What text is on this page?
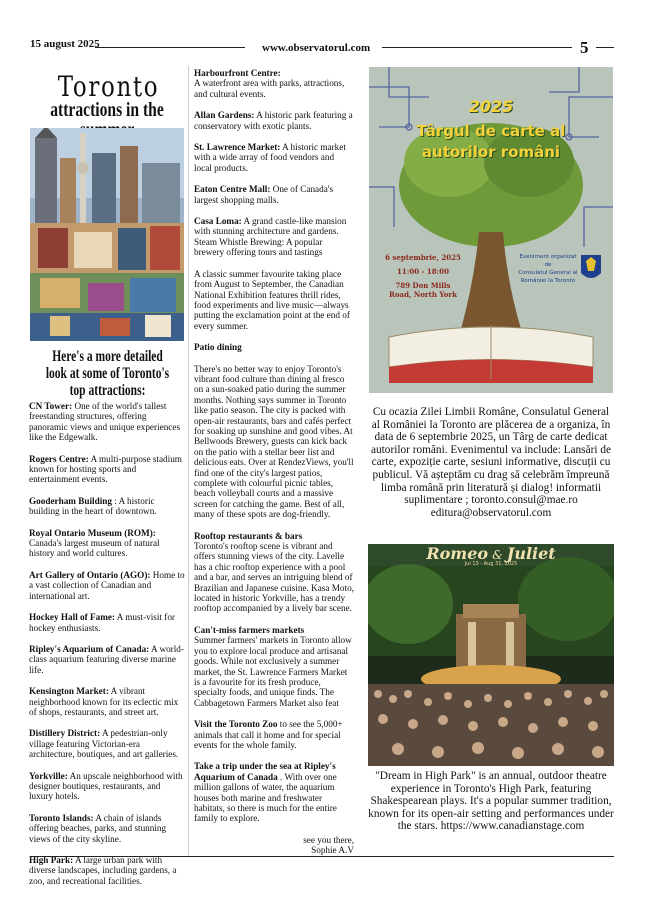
15 august 2025	www.observatorul.com	5
Toronto
attractions in the
Here's a more detailed look at some of Toronto's top attractions:

CN Tower: One of the world's tallest freestanding structures, offering panoramic views and unique experiences like the Edgewalk.

Rogers Centre: A multi-purpose stadium known for hosting sports and entertainment events.

Gooderham Building : A historic building in the heart of downtown.

Royal Ontario Museum (ROM): Canada's largest museum of natural history and world cultures.

Art Gallery of Ontario (AGO): Home to a vast collection of Canadian and international art.

Hockey Hall of Fame: A must-visit for hockey enthusiasts.

Ripley's Aquarium of Canada: A world-class aquarium featuring diverse marine life.

Kensington Market: A vibrant neighborhood known for its eclectic mix of shops, restaurants, and street art.

Distillery District: A pedestrian-only village featuring Victorian-era architecture, boutiques, and art galleries.

Yorkville: An upscale neighborhood with designer boutiques, restaurants, and luxury hotels.

Toronto Islands: A chain of islands offering beaches, parks, and stunning views of the city skyline.

High Park: A large urban park with diverse landscapes, including gardens, a zoo, and recreational facilities.

Harbourfront Centre:
A waterfront area with parks, attractions, and cultural events.

Allan Gardens: A historic park featuring a conservatory with exotic plants.

St. Lawrence Market: A historic market with a wide array of food vendors and local products.

Eaton Centre Mall: One of Canada's largest shopping malls.

Casa Loma: A grand castle-like mansion with stunning architecture and gardens. Steam Whistle Brewing: A popular brewery offering tours and tastings

A classic summer favourite taking place from August to September, the Canadian National Exhibition features thrill rides, food experiments and live music—always putting the exclamation point at the end of every summer.

Patio dining

There's no better way to enjoy Toronto's vibrant food culture than dining al fresco on a sun-soaked patio during the summer months. Nothing says summer in Toronto like patio season. The city is packed with open-air restaurants, bars and cafés perfect for soaking up sunshine and good vibes. At Bellwoods Brewery, guests can kick back on the patio with a stellar beer list and delicious eats. Over at RendezViews, you'll find one of the city's largest patios, complete with colourful picnic tables, beach volleyball courts and a massive screen for catching the game. Best of all, many of these spots are dog-friendly.

Rooftop restaurants & bars

Toronto's rooftop scene is vibrant and offers stunning views of the city. Lavelle has a chic rooftop experience with a pool and a bar, and serves an intriguing blend of Brazilian and Japanese cuisine. Kasa Moto, located in historic Yorkville, has a trendy rooftop accompanied by a lively bar scene.

Can't-miss farmers markets

Summer farmers' markets in Toronto allow you to explore local produce and artisanal goods. While not exclusively a summer market, the St. Lawrence Farmers Market is a favourite for its fresh produce, specialty foods, and unique finds. The Cabbagetown Farmers Market also feat

Visit the Toronto Zoo to see the 5,000+ animals that call it home and for special events for the whole family.

Take a trip under the sea at Ripley's Aquarium of Canada . With over one million gallons of water, the aquarium houses both marine and freshwater habitats, so there is much for the entire family to explore.

see you there,
Sophie A.V
2025
Târgul de carte al
autorilor români
6 septembrie, 2025
11:00 - 18:00
789 Don Mills
Road, North York
Eveniment organizat de
Consulatul General al
României la Toronto
Cu ocazia Zilei Limbii Române, Consulatul General al României la Toronto are plăcerea de a organiza, în data de 6 septembrie 2025, un Târg de carte dedicat autorilor români. Evenimentul va include: Lansări de carte, expoziție carte, sesiuni informative, discuții cu publicul. Vă așteptăm cu drag să celebrăm împreună limba română prin literatură și dialog! informatii suplimentare ; toronto.consul@mae.ro editura@observatorul.com
Romeo & Juliet
Jul 13 - Aug 31, 2025
"Dream in High Park" is an annual, outdoor theatre experience in Toronto's High Park, featuring Shakespearean plays. It's a popular summer tradition, known for its open-air setting and performances under the stars. https://www.canadianstage.com
